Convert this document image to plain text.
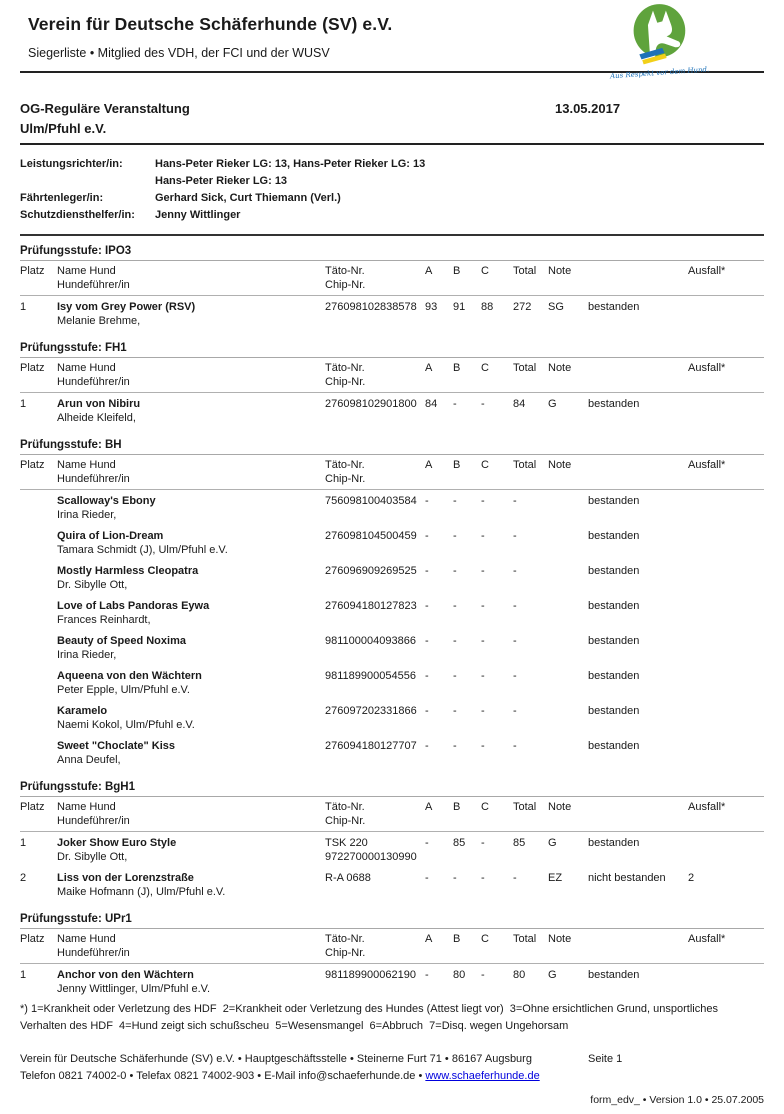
Verein für Deutsche Schäferhunde (SV) e.V.
Siegerliste • Mitglied des VDH, der FCI und der WUSV
Aus Respekt vor dem Hund.
OG-Reguläre Veranstaltung
Ulm/Pfuhl e.V.
13.05.2017
Leistungsrichter/in:	Hans-Peter Rieker LG: 13, Hans-Peter Rieker LG: 13
Hans-Peter Rieker LG: 13
Fährtenleger/in:	Gerhard Sick, Curt Thiemann (Verl.)
Schutzdiensthelfer/in:	Jenny Wittlinger
Prüfungsstufe: IPO3
Platz	Name Hund
Hundeführer/in
Täto-Nr.
Chip-Nr.
A	B	C	Total	Note	Ausfall*
1	Isy vom Grey Power (RSV)
Melanie Brehme,
276098102838578 93	91	88	272	SG	bestanden
Prüfungsstufe: FH1
Platz	Name Hund
Hundeführer/in
Täto-Nr.
Chip-Nr.
A	B	C	Total	Note	Ausfall*
1	Arun von Nibiru
Alheide Kleifeld,
276098102901800 84	-	-	84	G	bestanden
Prüfungsstufe: BH
Platz	Name Hund
Hundeführer/in
Täto-Nr.
Chip-Nr.
A	B	C	Total	Note	Ausfall*
Scalloway's Ebony
Irina Rieder,
756098100403584 -	-	-	-	bestanden
Quira of Lion-Dream
Tamara Schmidt (J), Ulm/Pfuhl e.V.
276098104500459 -	-	-	-	bestanden
Mostly Harmless Cleopatra
Dr. Sibylle Ott,
276096909269525 -	-	-	-	bestanden
Love of Labs Pandoras Eywa
Frances Reinhardt,
276094180127823 -	-	-	-	bestanden
Beauty of Speed Noxima
Irina Rieder,
981100004093866 -	-	-	-	bestanden
Aqueena von den Wächtern
Peter Epple, Ulm/Pfuhl e.V.
981189900054556 -	-	-	-	bestanden
Karamelo
Naemi Kokol, Ulm/Pfuhl e.V.
276097202331866 -	-	-	-	bestanden
Sweet "Choclate" Kiss
Anna Deufel,
276094180127707 -	-	-	-	bestanden
Prüfungsstufe: BgH1
Platz	Name Hund
Hundeführer/in
Täto-Nr.
Chip-Nr.
A	B	C	Total	Note	Ausfall*
1	Joker Show Euro Style
Dr. Sibylle Ott,
TSK 220
972270000130990
-	85	-	85	G	bestanden
2	Liss von der Lorenzstraße
Maike Hofmann (J), Ulm/Pfuhl e.V.
R-A 0688	-	-	-	-	EZ	nicht bestanden	2
Prüfungsstufe: UPr1
Platz	Name Hund
Hundeführer/in
Täto-Nr.
Chip-Nr.
A	B	C	Total	Note	Ausfall*
1	Anchor von den Wächtern
Jenny Wittlinger, Ulm/Pfuhl e.V.
981189900062190 -	80	-	80	G	bestanden
*) 1=Krankheit oder Verletzung des HDF  2=Krankheit oder Verletzung des Hundes (Attest liegt vor)  3=Ohne ersichtlichen Grund, unsportliches Verhalten des HDF  4=Hund zeigt sich schußscheu  5=Wesensmangel  6=Abbruch  7=Disq. wegen Ungehorsam
Verein für Deutsche Schäferhunde (SV) e.V. • Hauptgeschäftsstelle • Steinerne Furt 71 • 86167 Augsburg
Telefon 0821 74002-0 • Telefax 0821 74002-903 • E-Mail info@schaeferhunde.de • www.schaeferhunde.de
Seite 1
form_edv_ • Version 1.0 • 25.07.2005
